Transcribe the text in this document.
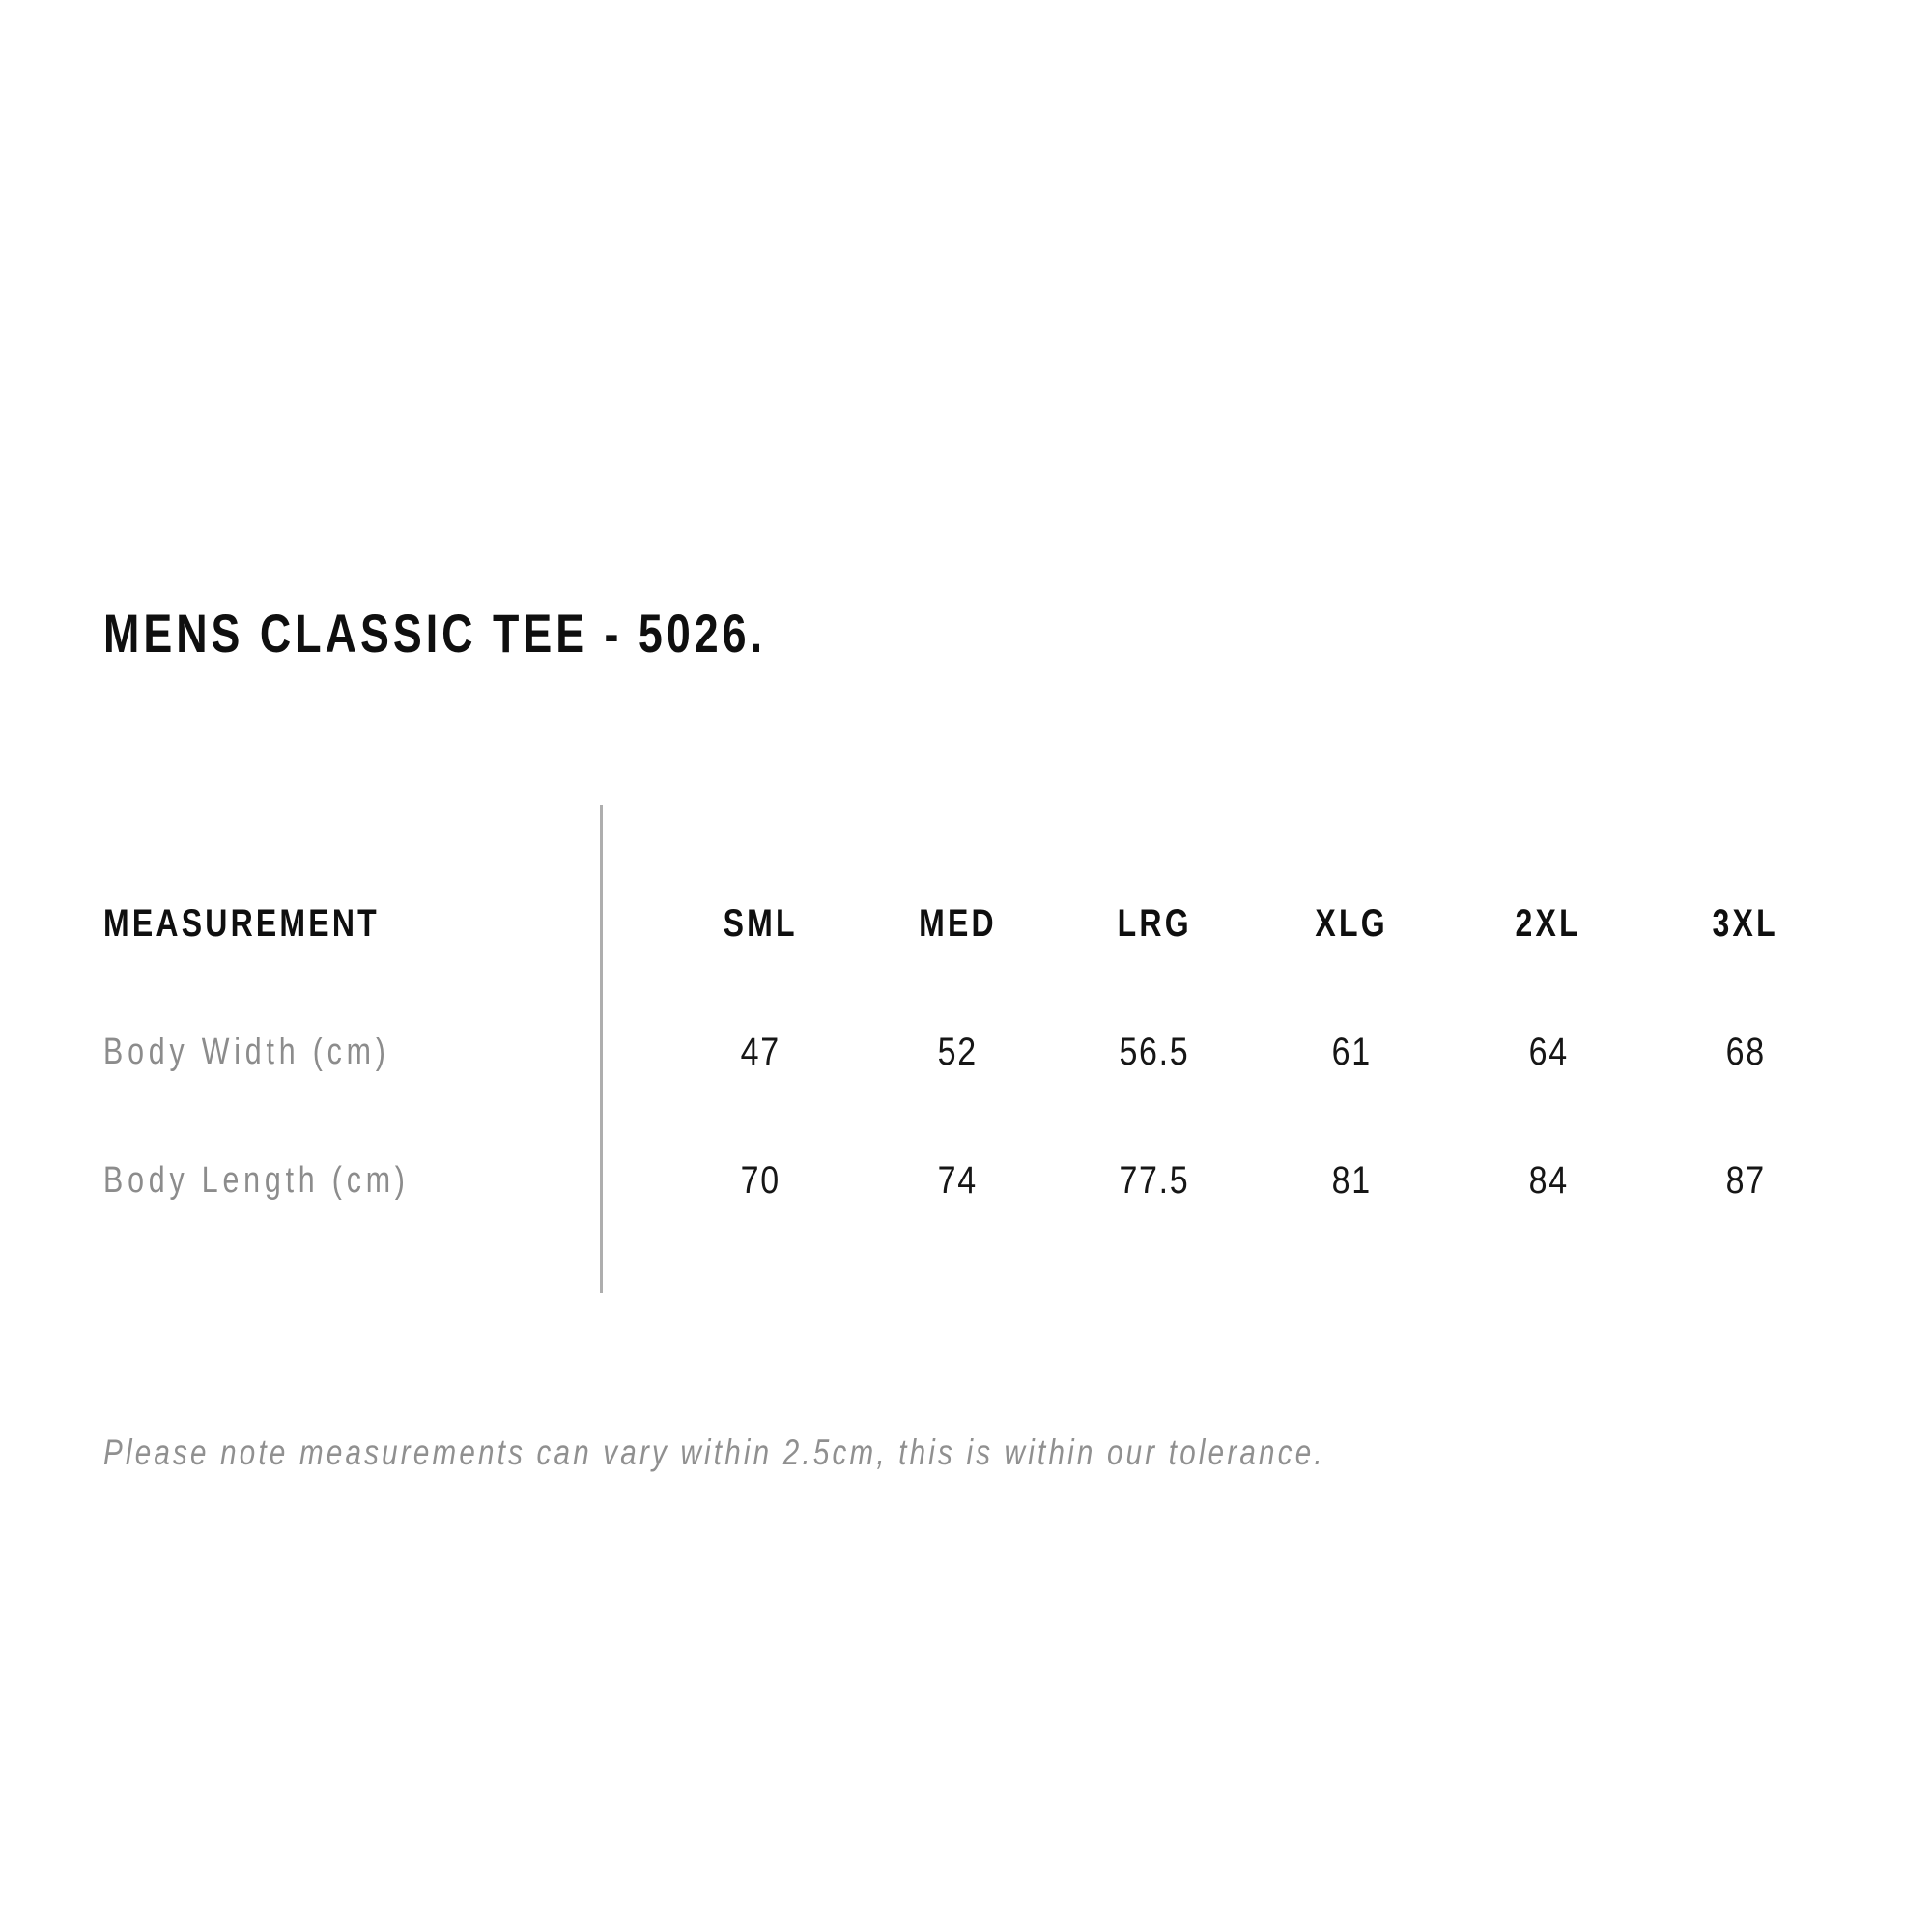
MENS CLASSIC TEE - 5026.
MEASUREMENT	SML	MED	LRG	XLG	2XL	3XL
Body Width (cm)	47	52	56.5	61	64	68
Body Length (cm)	70	74	77.5	81	84	87

Please note measurements can vary within 2.5cm, this is within our tolerance.
